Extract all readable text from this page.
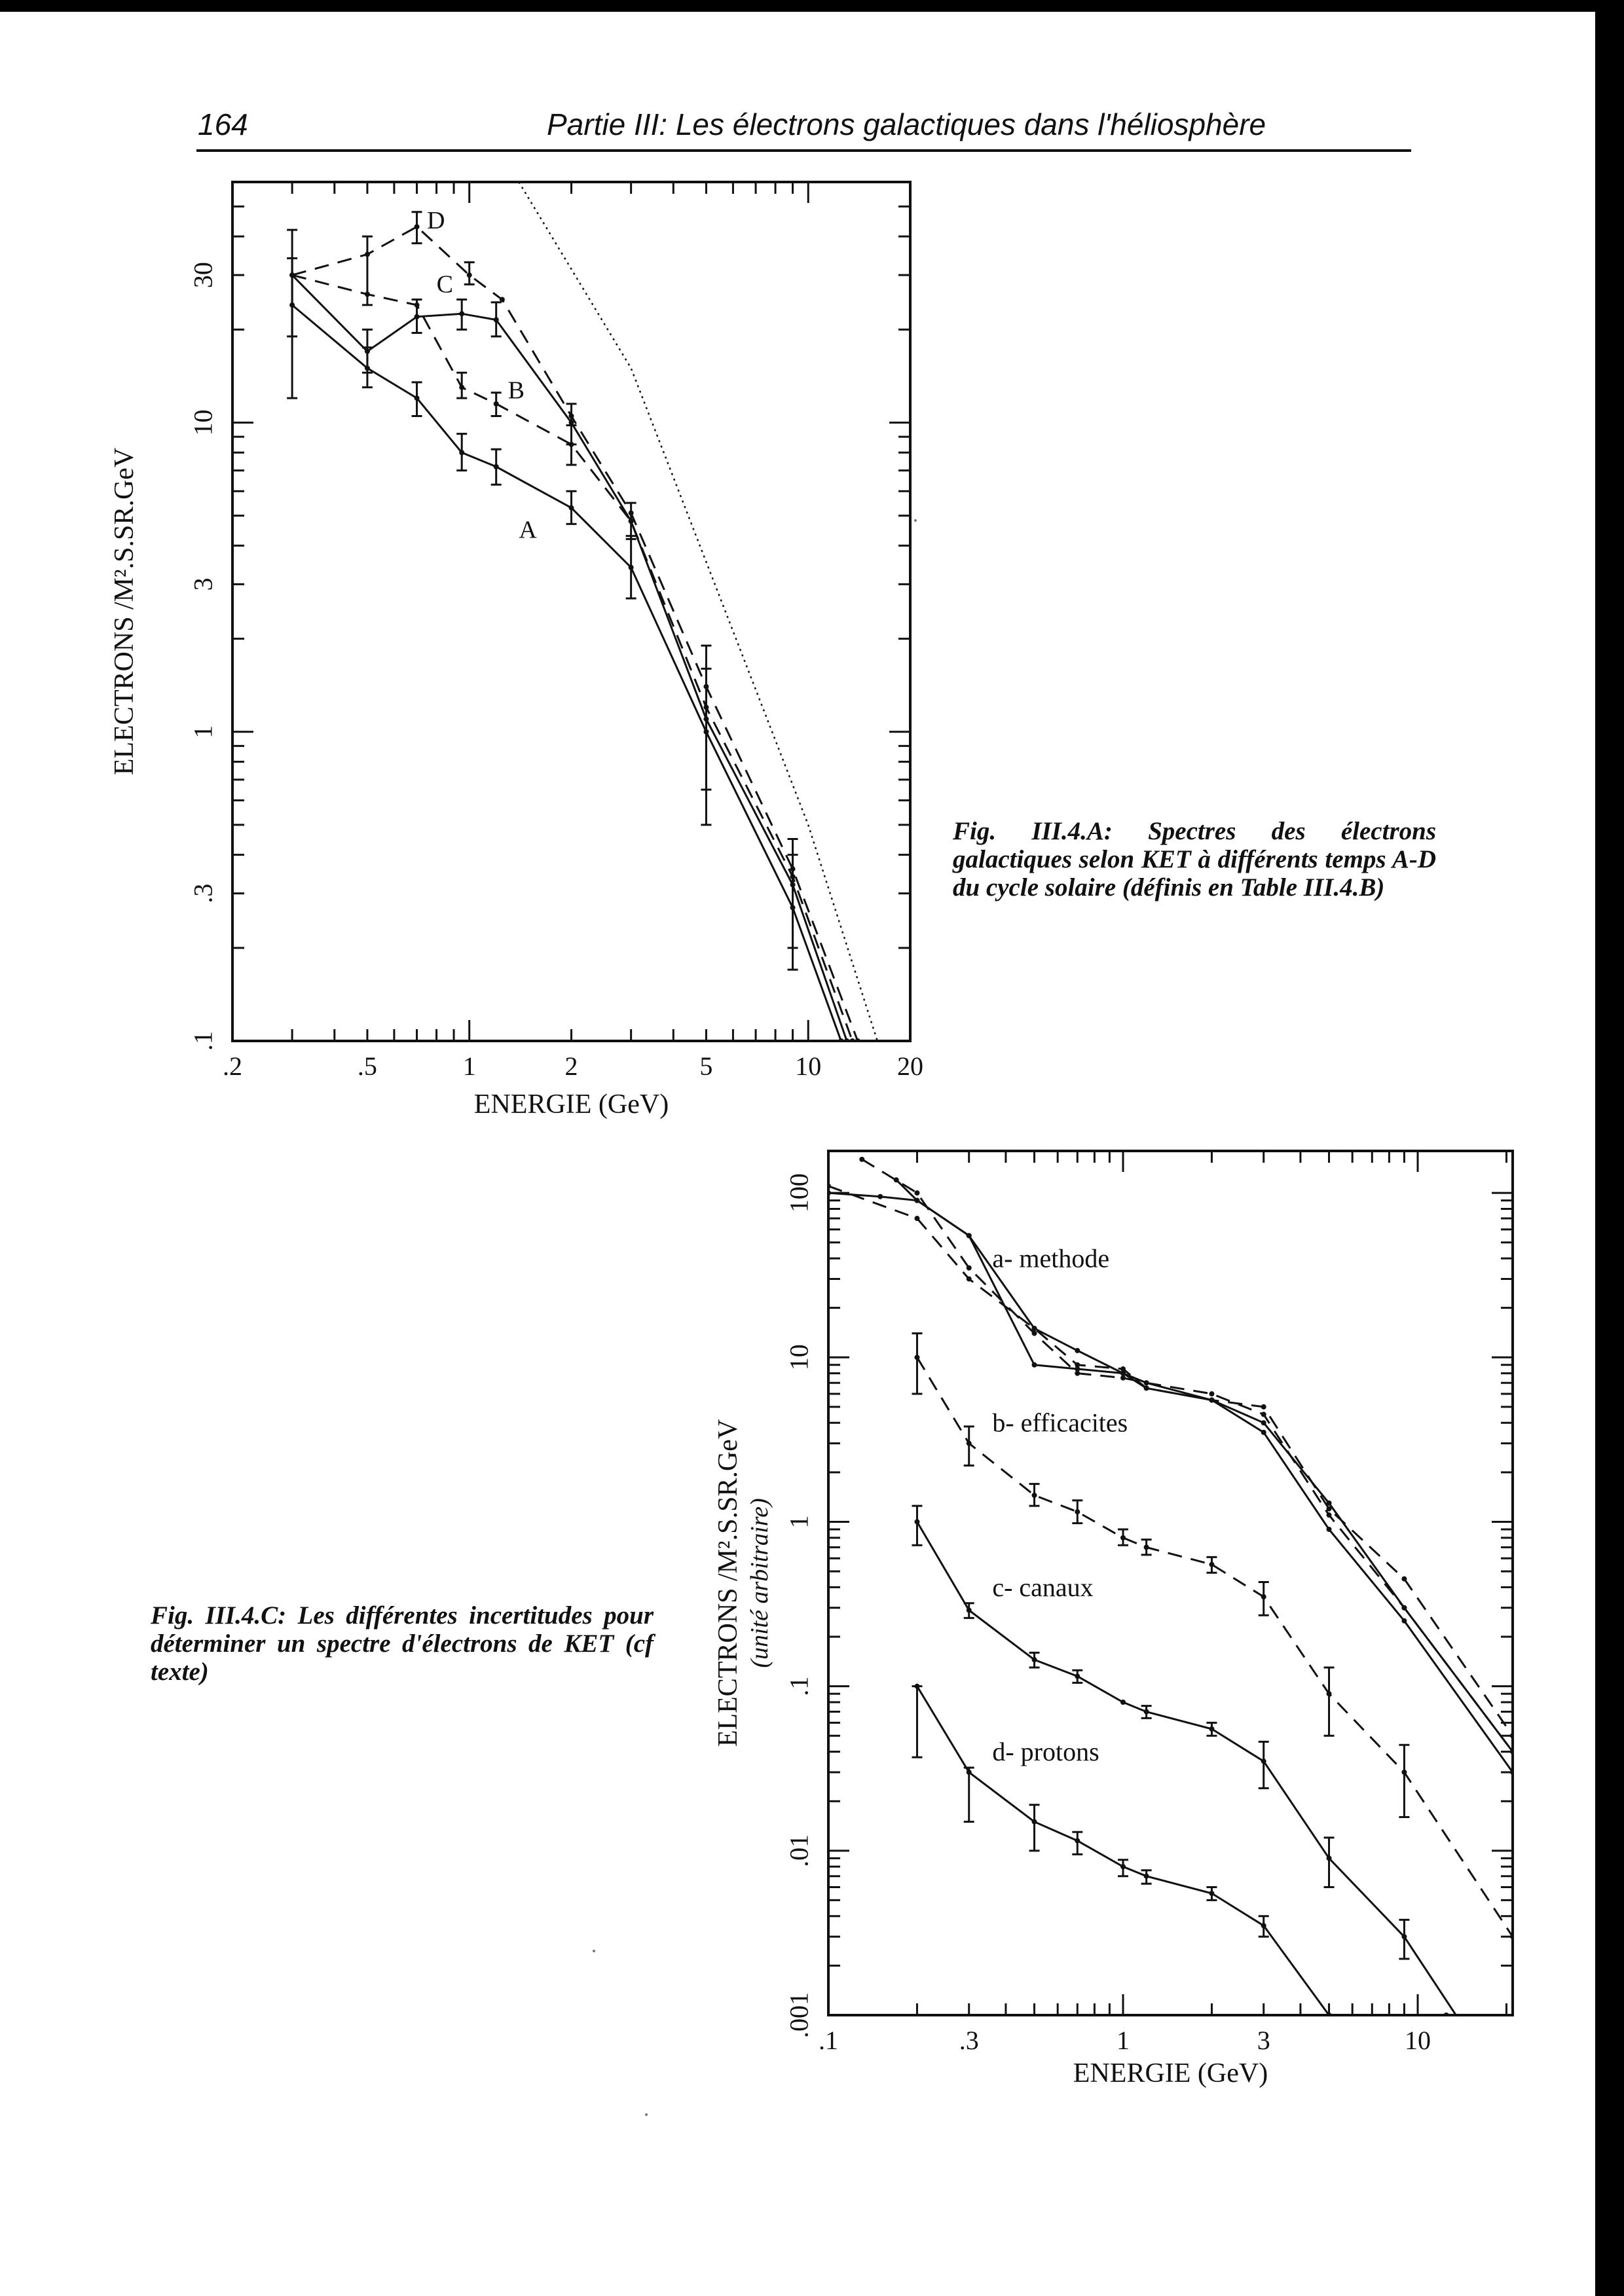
164	Partie III: Les électrons galactiques dans l'héliosphère
Fig. III.4.A: Spectres des électrons galactiques selon KET à différents temps A-D du cycle solaire (définis en Table III.4.B)
Fig. III.4.C: Les différentes incertitudes pour déterminer un spectre d'électrons de KET (cf texte)
.2	.5	1	2	5	10	20
.1
.3
1
3
10
30
ENERGIE (GeV)
ELECTRONS /M².S.SR.GeV	A
B
C
D
.1	.3	1	3	10
.001
.01
.1
1
10
100
ENERGIE (GeV)
ELECTRONS /M².S.SR.GeV (unité arbitraire)
a- methode
b- efficacites
c- canaux
d- protons
